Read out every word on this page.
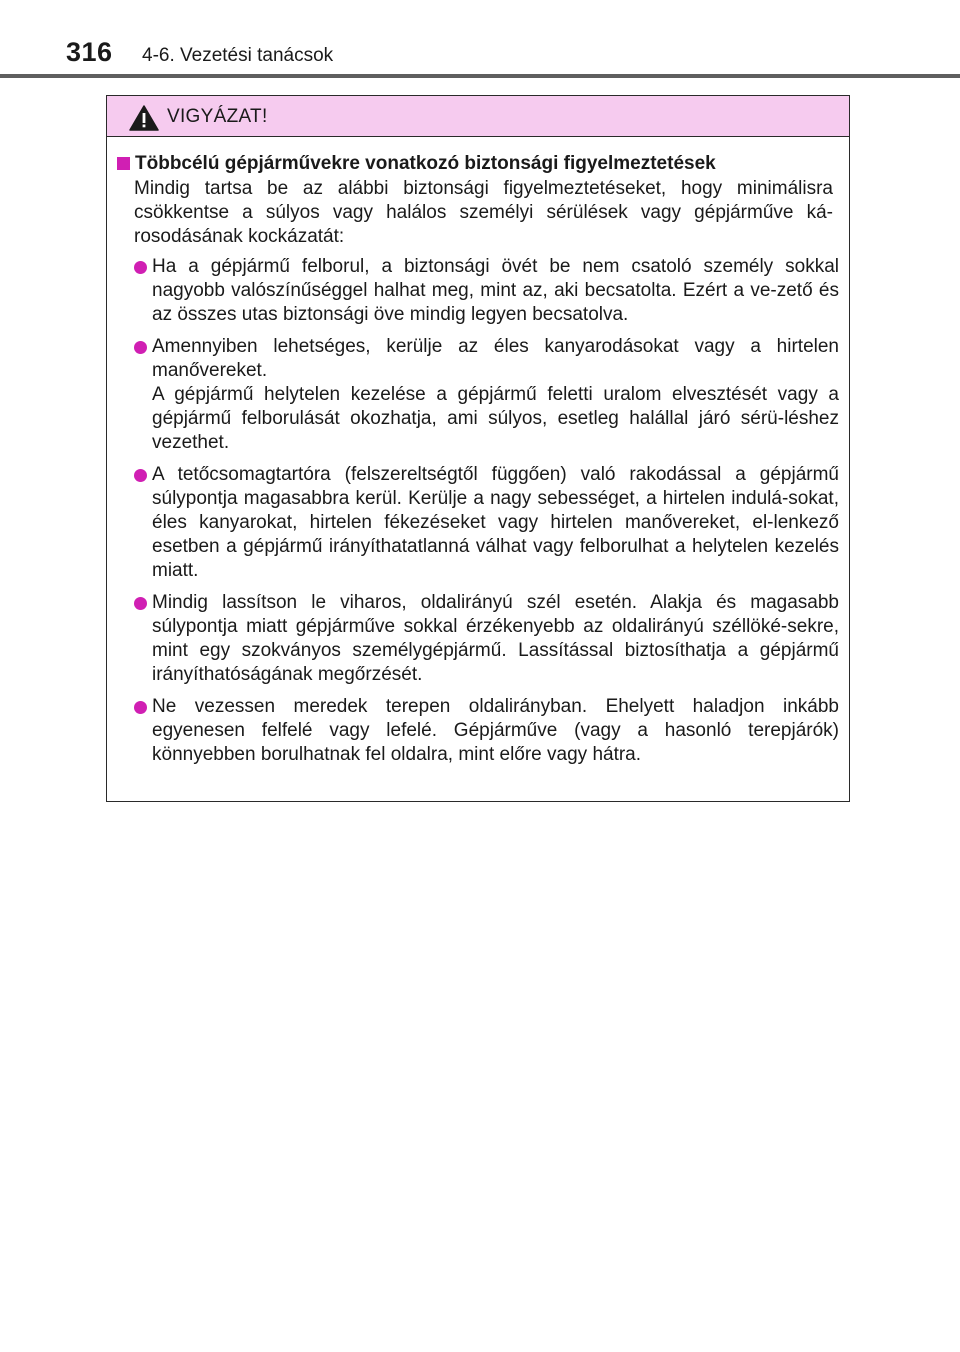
316 4-6. Vezetési tanácsok
VIGYÁZAT!
Többcélú gépjárművekre vonatkozó biztonsági figyelmeztetések

Mindig tartsa be az alábbi biztonsági figyelmeztetéseket, hogy minimálisra csökkentse a súlyos vagy halálos személyi sérülések vagy gépjárműve ká-rosodásának kockázatát:

Ha a gépjármű felborul, a biztonsági övét be nem csatoló személy sokkal nagyobb valószínűséggel halhat meg, mint az, aki becsatolta. Ezért a ve-zető és az összes utas biztonsági öve mindig legyen becsatolva.

Amennyiben lehetséges, kerülje az éles kanyarodásokat vagy a hirtelen manővereket.

A gépjármű helytelen kezelése a gépjármű feletti uralom elvesztését vagy a gépjármű felborulását okozhatja, ami súlyos, esetleg halállal járó sérü-léshez vezethet.

A tetőcsomagtartóra (felszereltségtől függően) való rakodással a gépjármű súlypontja magasabbra kerül. Kerülje a nagy sebességet, a hirtelen indulá-sokat, éles kanyarokat, hirtelen fékezéseket vagy hirtelen manővereket, el-lenkező esetben a gépjármű irányíthatatlanná válhat vagy felborulhat a helytelen kezelés miatt.

Mindig lassítson le viharos, oldalirányú szél esetén. Alakja és magasabb súlypontja miatt gépjárműve sokkal érzékenyebb az oldalirányú széllöké-sekre, mint egy szokványos személygépjármű. Lassítással biztosíthatja a gépjármű irányíthatóságának megőrzését.

Ne vezessen meredek terepen oldalirányban. Ehelyett haladjon inkább egyenesen felfelé vagy lefelé. Gépjárműve (vagy a hasonló terepjárók) könnyebben borulhatnak fel oldalra, mint előre vagy hátra.
